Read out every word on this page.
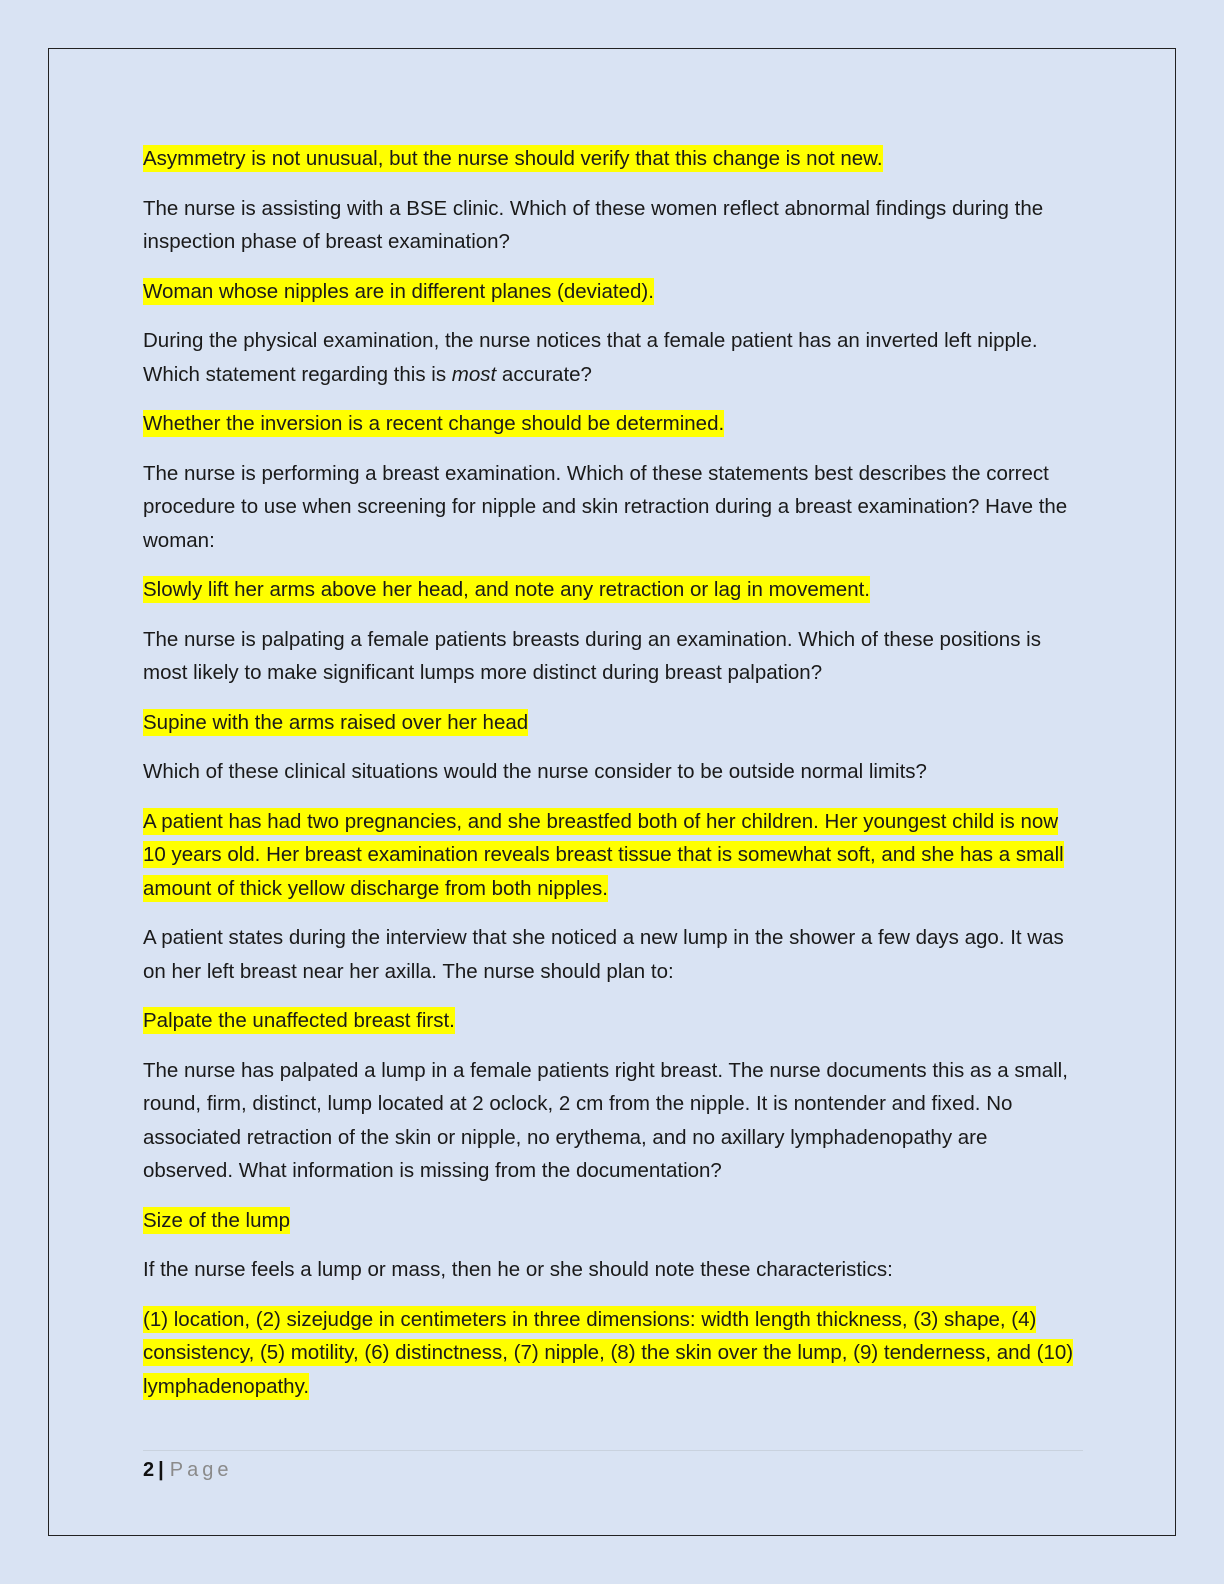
Asymmetry is not unusual, but the nurse should verify that this change is not new.

The nurse is assisting with a BSE clinic. Which of these women reflect abnormal findings during the inspection phase of breast examination?

Woman whose nipples are in different planes (deviated).

During the physical examination, the nurse notices that a female patient has an inverted left nipple. Which statement regarding this is most accurate?

Whether the inversion is a recent change should be determined.

The nurse is performing a breast examination. Which of these statements best describes the correct procedure to use when screening for nipple and skin retraction during a breast examination? Have the woman:

Slowly lift her arms above her head, and note any retraction or lag in movement.

The nurse is palpating a female patients breasts during an examination. Which of these positions is most likely to make significant lumps more distinct during breast palpation?

Supine with the arms raised over her head

Which of these clinical situations would the nurse consider to be outside normal limits?

A patient has had two pregnancies, and she breastfed both of her children. Her youngest child is now 10 years old. Her breast examination reveals breast tissue that is somewhat soft, and she has a small amount of thick yellow discharge from both nipples.

A patient states during the interview that she noticed a new lump in the shower a few days ago. It was on her left breast near her axilla. The nurse should plan to:

Palpate the unaffected breast first.

The nurse has palpated a lump in a female patients right breast. The nurse documents this as a small, round, firm, distinct, lump located at 2 oclock, 2 cm from the nipple. It is nontender and fixed. No associated retraction of the skin or nipple, no erythema, and no axillary lymphadenopathy are observed. What information is missing from the documentation?

Size of the lump

If the nurse feels a lump or mass, then he or she should note these characteristics:

(1) location, (2) sizejudge in centimeters in three dimensions: width length thickness, (3) shape, (4) consistency, (5) motility, (6) distinctness, (7) nipple, (8) the skin over the lump, (9) tenderness, and (10) lymphadenopathy.

2 | Page
